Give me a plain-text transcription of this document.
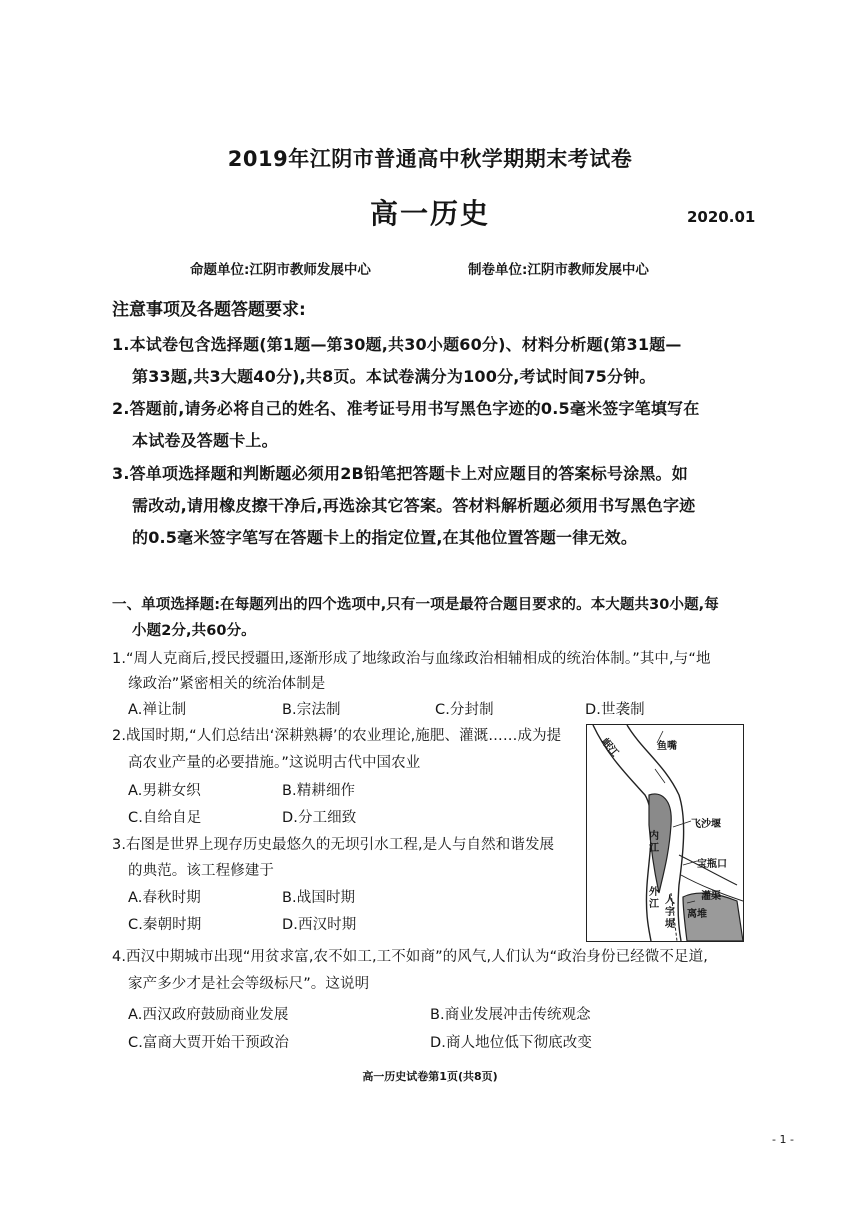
2019年江阴市普通高中秋学期期末考试卷
高一历史	2020.01
命题单位:江阴市教师发展中心	制卷单位:江阴市教师发展中心
注意事项及各题答题要求:
1.本试卷包含选择题(第1题—第30题,共30小题60分)、材料分析题(第31题—
第33题,共3大题40分),共8页。本试卷满分为100分,考试时间75分钟。
2.答题前,请务必将自己的姓名、准考证号用书写黑色字迹的0.5毫米签字笔填写在
本试卷及答题卡上。
3.答单项选择题和判断题必须用2B铅笔把答题卡上对应题目的答案标号涂黑。如
需改动,请用橡皮擦干净后,再选涂其它答案。答材料解析题必须用书写黑色字迹
的0.5毫米签字笔写在答题卡上的指定位置,在其他位置答题一律无效。
一、单项选择题:在每题列出的四个选项中,只有一项是最符合题目要求的。本大题共30小题,每
小题2分,共60分。
1.“周人克商后,授民授疆田,逐渐形成了地缘政治与血缘政治相辅相成的统治体制。”其中,与“地
缘政治”紧密相关的统治体制是
A.禅让制	B.宗法制	C.分封制	D.世袭制
2.战国时期,“人们总结出‘深耕熟耨’的农业理论,施肥、灌溉……成为提
高农业产量的必要措施。”这说明古代中国农业
A.男耕女织	B.精耕细作
C.自给自足	D.分工细致
3.右图是世界上现存历史最悠久的无坝引水工程,是人与自然和谐发展
的典范。该工程修建于
A.春秋时期	B.战国时期
C.秦朝时期	D.西汉时期
岷江	鱼嘴
飞沙堰
宝瓶口
灌渠
离堆
内江
外江 人字堤
4.西汉中期城市出现“用贫求富,农不如工,工不如商”的风气,人们认为“政治身份已经微不足道,
家产多少才是社会等级标尺”。这说明
A.西汉政府鼓励商业发展	B.商业发展冲击传统观念
C.富商大贾开始干预政治	D.商人地位低下彻底改变
高一历史试卷第1页(共8页)
- 1 -
